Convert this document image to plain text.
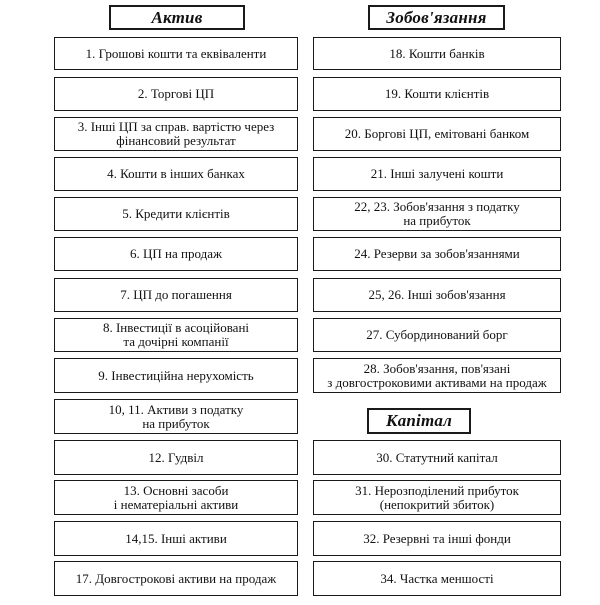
Актив	Зобов'язання
Капітал
1. Грошові кошти та еквіваленти
2. Торгові ЦП
3. Інші ЦП за справ. вартістю через
фінансовий результат
4. Кошти в інших банках
5. Кредити клієнтів
6. ЦП на продаж
7. ЦП до погашення
8. Інвестиції в асоційовані
та дочірні компанії
9. Інвестиційна нерухомість
10, 11. Активи з податку
на прибуток
12. Гудвіл
13. Основні засоби
і нематеріальні активи
14,15. Інші активи
17. Довгострокові активи на продаж
18. Кошти банків
19. Кошти клієнтів
20. Боргові ЦП, емітовані банком
21. Інші залучені кошти
22, 23. Зобов'язання з податку
на прибуток
24. Резерви за зобов'язаннями
25, 26. Інші зобов'язання
27. Субординований борг
28. Зобов'язання, пов'язані
з довгостроковими активами на продаж
30. Статутний капітал
31. Нерозподілений прибуток
(непокритий збиток)
32. Резервні та інші фонди
34. Частка меншості
